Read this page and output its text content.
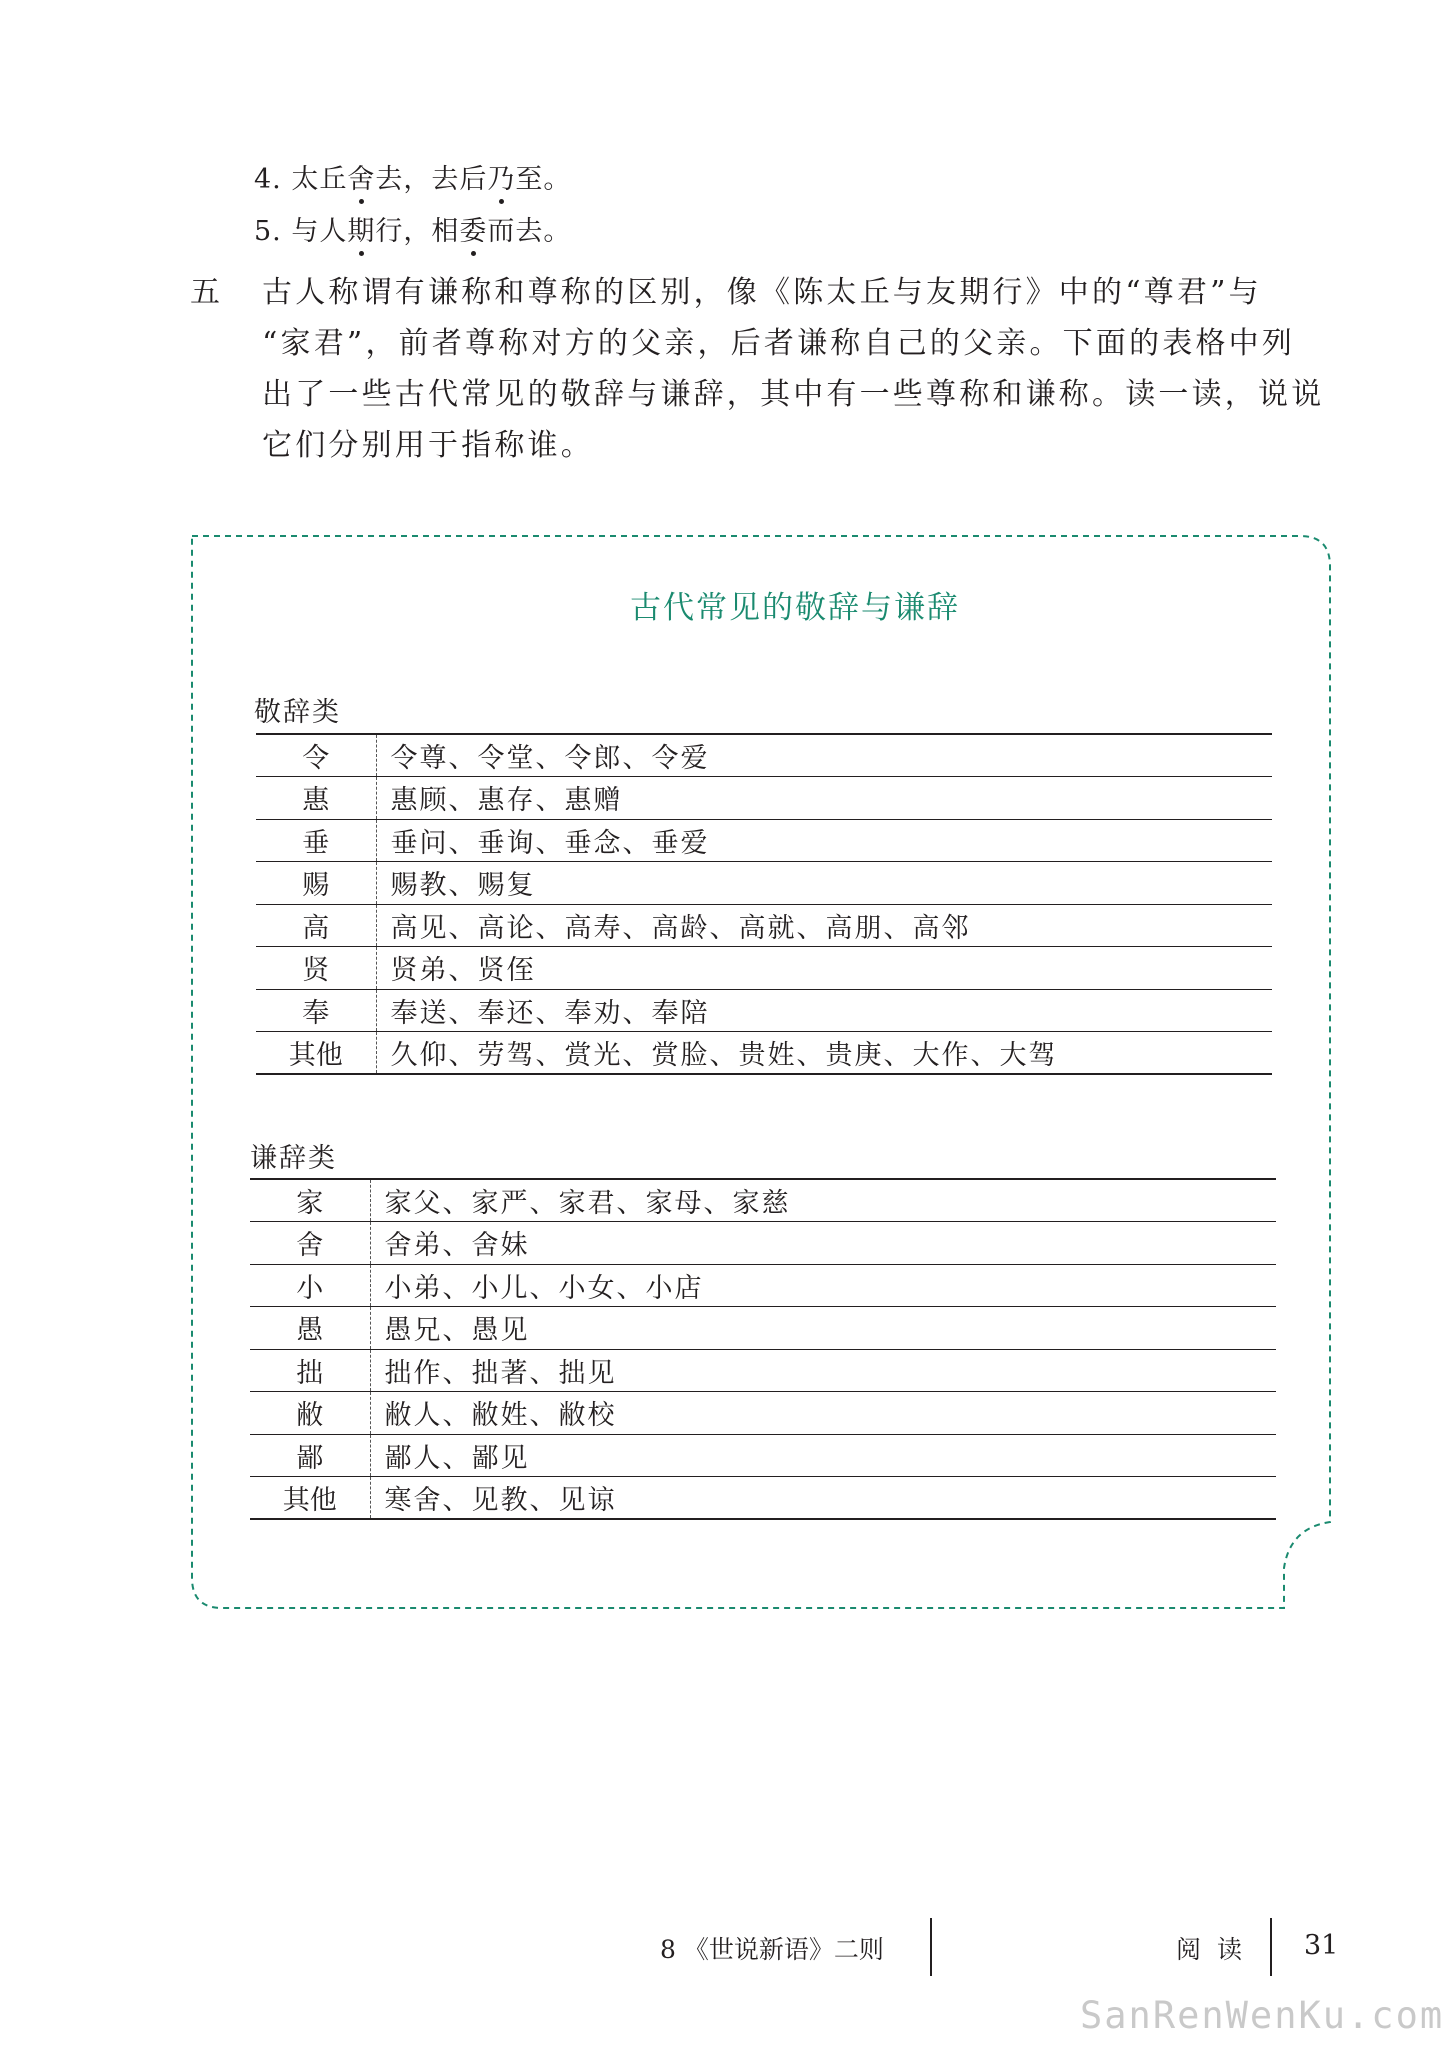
4. 太丘舍去，去后乃至。
5. 与人期行，相委而去。
五 古人称谓有谦称和尊称的区别，像《陈太丘与友期行》中的“尊君”与
“家君”，前者尊称对方的父亲，后者谦称自己的父亲。下面的表格中列
出了一些古代常见的敬辞与谦辞，其中有一些尊称和谦称。读一读，说说
它们分别用于指称谁。
古代常见的敬辞与谦辞
敬辞类
令	令尊、令堂、令郎、令爱
惠	惠顾、惠存、惠赠
垂	垂问、垂询、垂念、垂爱
赐	赐教、赐复
高	高见、高论、高寿、高龄、高就、高朋、高邻
贤	贤弟、贤侄
奉	奉送、奉还、奉劝、奉陪
其他	久仰、劳驾、赏光、赏脸、贵姓、贵庚、大作、大驾
谦辞类
家	家父、家严、家君、家母、家慈
舍	舍弟、舍妹
小	小弟、小儿、小女、小店
愚	愚兄、愚见
拙	拙作、拙著、拙见
敝	敝人、敝姓、敝校
鄙	鄙人、鄙见
其他	寒舍、见教、见谅
8 《世说新语》二则	阅 读 31
SanRenWenKu.com
